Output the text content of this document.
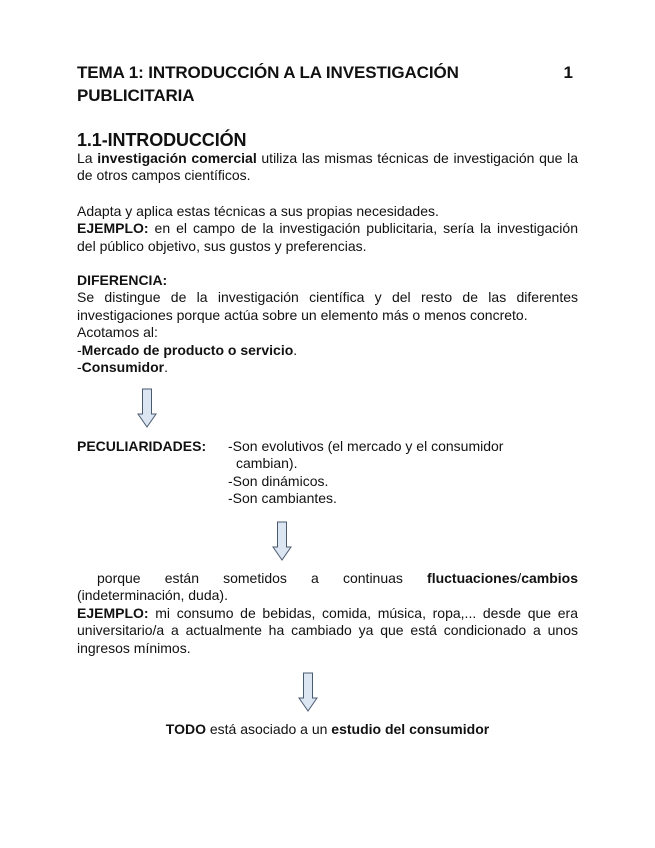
TEMA 1: INTRODUCCIÓN A LA INVESTIGACIÓN PUBLICITARIA
1
1.1-INTRODUCCIÓN

La investigación comercial utiliza las mismas técnicas de investigación que la de otros campos científicos.

Adapta y aplica estas técnicas a sus propias necesidades.

EJEMPLO: en el campo de la investigación publicitaria, sería la investigación del público objetivo, sus gustos y preferencias.

DIFERENCIA:

Se distingue de la investigación científica y del resto de las diferentes investigaciones porque actúa sobre un elemento más o menos concreto.

Acotamos al:

-Mercado de producto o servicio.

-Consumidor.

PECULIARIDADES: -Son evolutivos (el mercado y el consumidor

cambian).

-Son dinámicos.

-Son cambiantes.

porque están sometidos a continuas fluctuaciones/cambios (indeterminación, duda).

EJEMPLO: mi consumo de bebidas, comida, música, ropa,... desde que era universitario/a a actualmente ha cambiado ya que está condicionado a unos ingresos mínimos.

TODO está asociado a un estudio del consumidor
